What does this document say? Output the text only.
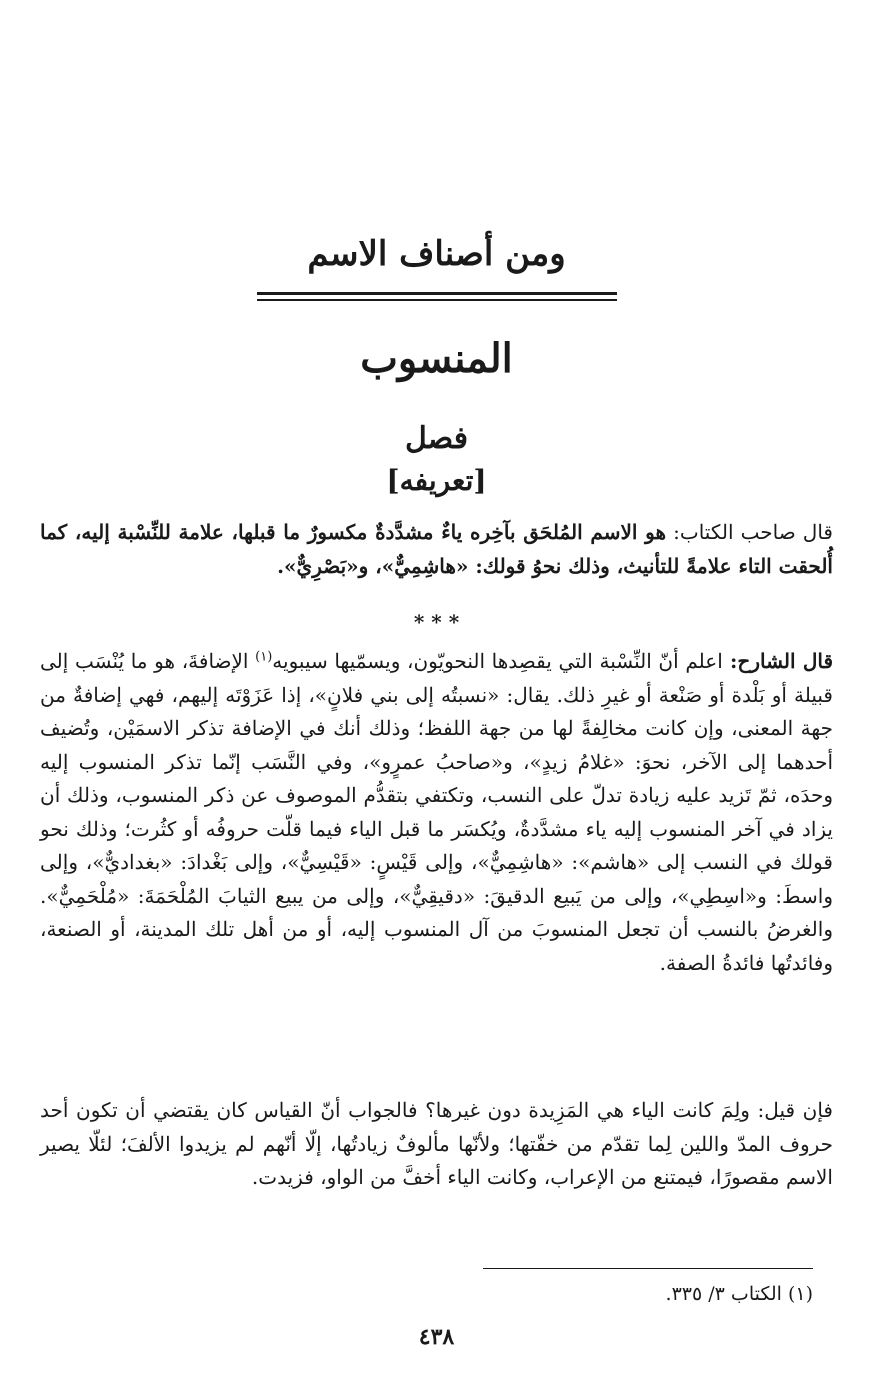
ومن أصناف الاسم
المنسوب
فصل
[تعريفه]
قال صاحب الكتاب: هو الاسم المُلحَق بآخِره ياءٌ مشدَّدةٌ مكسورٌ ما قبلها، علامة للنِّسْبة إليه، كما أُلحقت التاء علامةً للتأنيث، وذلك نحوُ قولك: «هاشِمِيٌّ»، و«بَصْرِيٌّ».
* * *
قال الشارح: اعلم أنّ النِّسْبة التي يقصِدها النحويّون، ويسمّيها سيبويه$^{(١)}$ الإضافةَ، هو ما يُنْسَب إلى قبيلة أو بَلْدة أو صَنْعة أو غيرِ ذلك. يقال: «نسبتُه إلى بني فلانٍ»، إذا عَزَوْتَه إليهم، فهي إضافةٌ من جهة المعنى، وإن كانت مخالِفةً لها من جهة اللفظ؛ وذلك أنك في الإضافة تذكر الاسمَيْن، وتُضيف أحدهما إلى الآخر، نحوَ: «غلامُ زيدٍ»، و«صاحبُ عمرٍو»، وفي النَّسَب إنّما تذكر المنسوب إليه وحدَه، ثمّ تَزيد عليه زيادة تدلّ على النسب، وتكتفي بتقدُّم الموصوف عن ذكر المنسوب، وذلك أن يزاد في آخر المنسوب إليه ياء مشدَّدةٌ، ويُكسَر ما قبل الياء فيما قلّت حروفُه أو كثُرت؛ وذلك نحو قولك في النسب إلى «هاشم»: «هاشِمِيٌّ»، وإلى قَيْسٍ: «قَيْسِيٌّ»، وإلى بَغْدادَ: «بغداديٌّ»، وإلى واسطَ: و«اسِطِي»، وإلى من يَبيع الدقيقَ: «دقيقِيٌّ»، وإلى من يبيع الثيابَ المُلْحَمَةَ: «مُلْحَمِيٌّ». والغرضُ بالنسب أن تجعل المنسوبَ من آل المنسوب إليه، أو من أهل تلك المدينة، أو الصنعة، وفائدتُها فائدةُ الصفة.
فإن قيل: ولِمَ كانت الياء هي المَزِيدة دون غيرها؟ فالجواب أنّ القياس كان يقتضي أن تكون أحد حروف المدّ واللين لِما تقدّم من خفّتها؛ ولأنّها مألوفٌ زيادتُها، إلّا أنّهم لم يزيدوا الألفَ؛ لئلّا يصير الاسم مقصورًا، فيمتنع من الإعراب، وكانت الياء أخفَّ من الواو، فزيدت.
(١) الكتاب ٣/ ٣٣٥.
٤٣٨
